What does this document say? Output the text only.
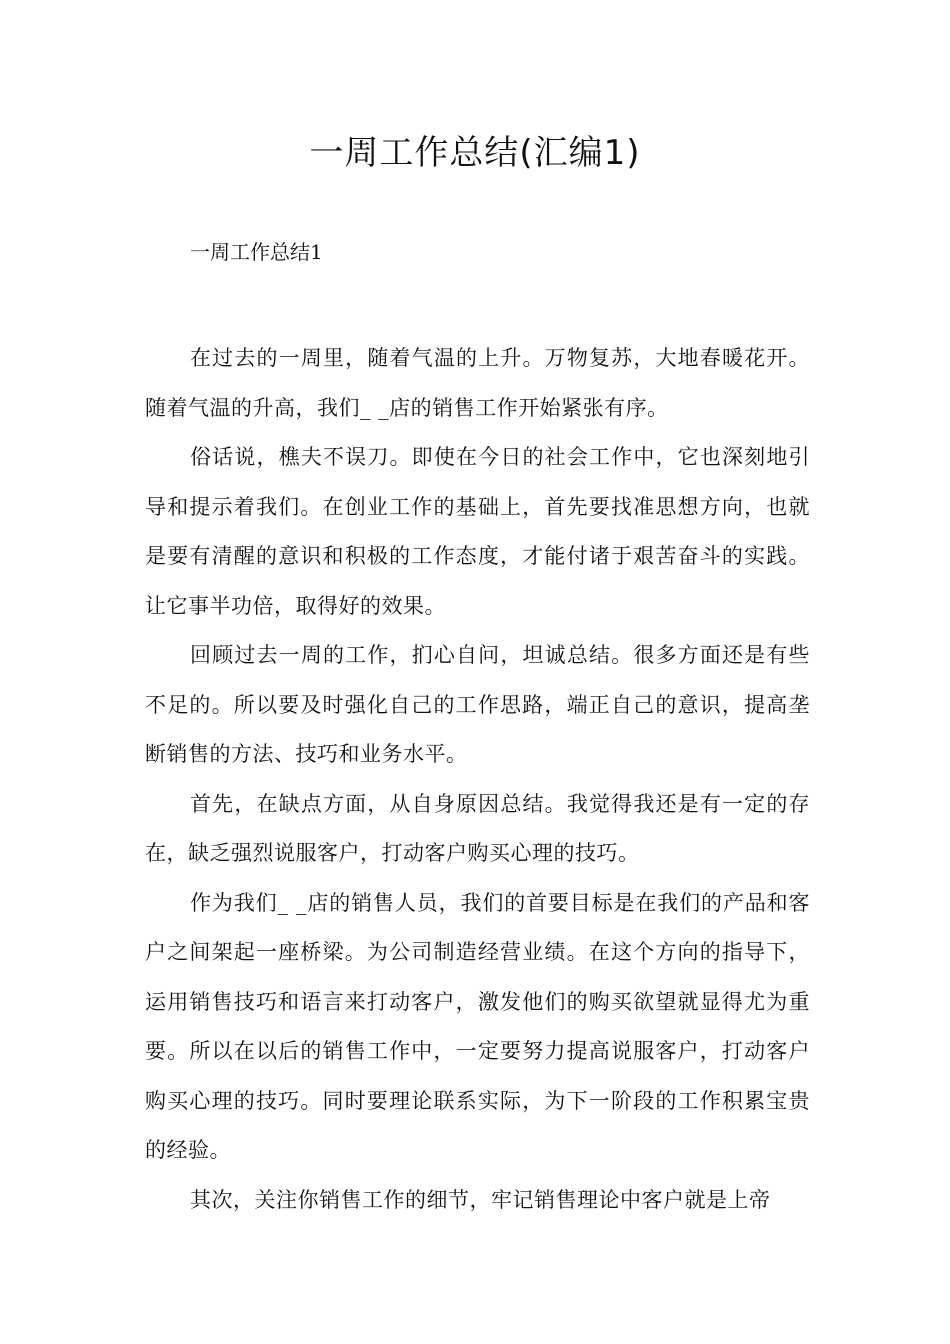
一周工作总结(汇编1)
一周工作总结1

在过去的一周里，随着气温的上升。万物复苏，大地春暖花开。随着气温的升高，我们_ _店的销售工作开始紧张有序。

俗话说，樵夫不误刀。即使在今日的社会工作中，它也深刻地引导和提示着我们。在创业工作的基础上，首先要找准思想方向，也就是要有清醒的意识和积极的工作态度，才能付诸于艰苦奋斗的实践。让它事半功倍，取得好的效果。

回顾过去一周的工作，扪心自问，坦诚总结。很多方面还是有些不足的。所以要及时强化自己的工作思路，端正自己的意识，提高垄断销售的方法、技巧和业务水平。

首先，在缺点方面，从自身原因总结。我觉得我还是有一定的存在，缺乏强烈说服客户，打动客户购买心理的技巧。

作为我们_ _店的销售人员，我们的首要目标是在我们的产品和客户之间架起一座桥梁。为公司制造经营业绩。在这个方向的指导下，运用销售技巧和语言来打动客户，激发他们的购买欲望就显得尤为重要。所以在以后的销售工作中，一定要努力提高说服客户，打动客户购买心理的技巧。同时要理论联系实际，为下一阶段的工作积累宝贵的经验。

其次，关注你销售工作的细节，牢记销售理论中客户就是上帝
